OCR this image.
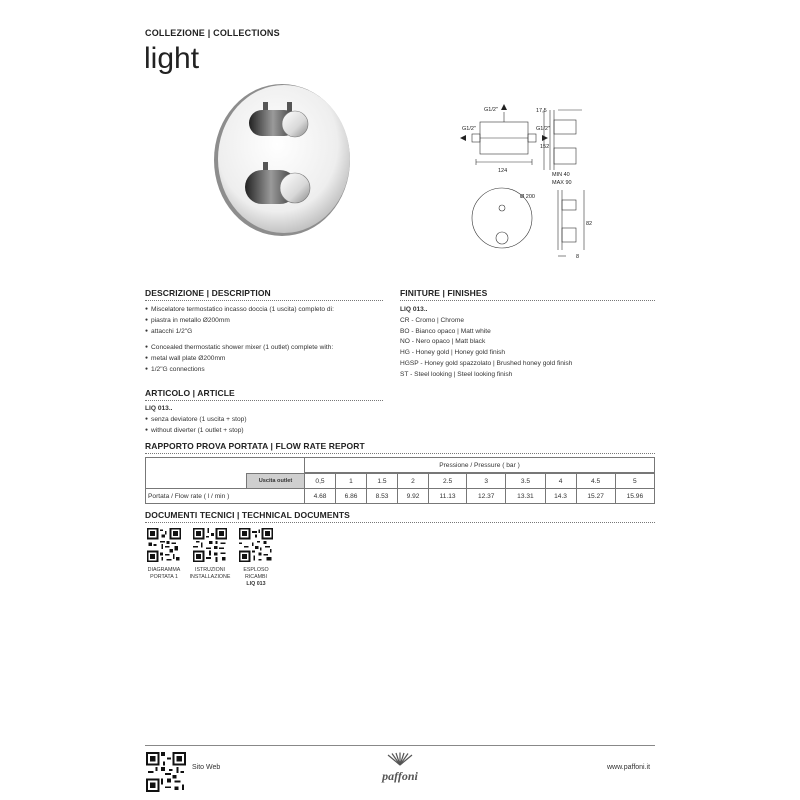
COLLEZIONE | COLLECTIONS
light
G1/2"
G1/2"	G1/2"
124
17,5
152
MIN 40
MAX 90
Ø 200
82
8
DESCRIZIONE | DESCRIPTION
● Miscelatore termostatico incasso doccia (1 uscita) completo di:
● piastra in metallo Ø200mm
● attacchi 1/2"G
● Concealed thermostatic shower mixer (1 outlet) complete with:
● metal wall plate Ø200mm
● 1/2"G connections
FINITURE | FINISHES
LIQ 013..
CR - Cromo | Chrome
BO - Bianco opaco | Matt white
NO - Nero opaco | Matt black
HG - Honey gold | Honey gold finish
HGSP - Honey gold spazzolato | Brushed honey gold finish
ST - Steel looking | Steel looking finish
ARTICOLO | ARTICLE
LIQ 013..
● senza deviatore (1 uscita + stop)
● without diverter (1 outlet + stop)
RAPPORTO PROVA PORTATA | FLOW RATE REPORT
		Pressione / Pressure ( bar )									

	Uscita outlet	0,5	1	1.5	2	2.5	3	3.5	4	4.5	5
Portata / Flow rate ( l / min )		4.68	6.86	8.53	9.92	11.13	12.37	13.31	14.3	15.27	15.96
DOCUMENTI TECNICI | TECHNICAL DOCUMENTS
DIAGRAMMA
PORTATA 1
ISTRUZIONI
INSTALLAZIONE
ESPLOSO
RICAMBI
LIQ 013
Sito Web
paffoni
www.paffoni.it
